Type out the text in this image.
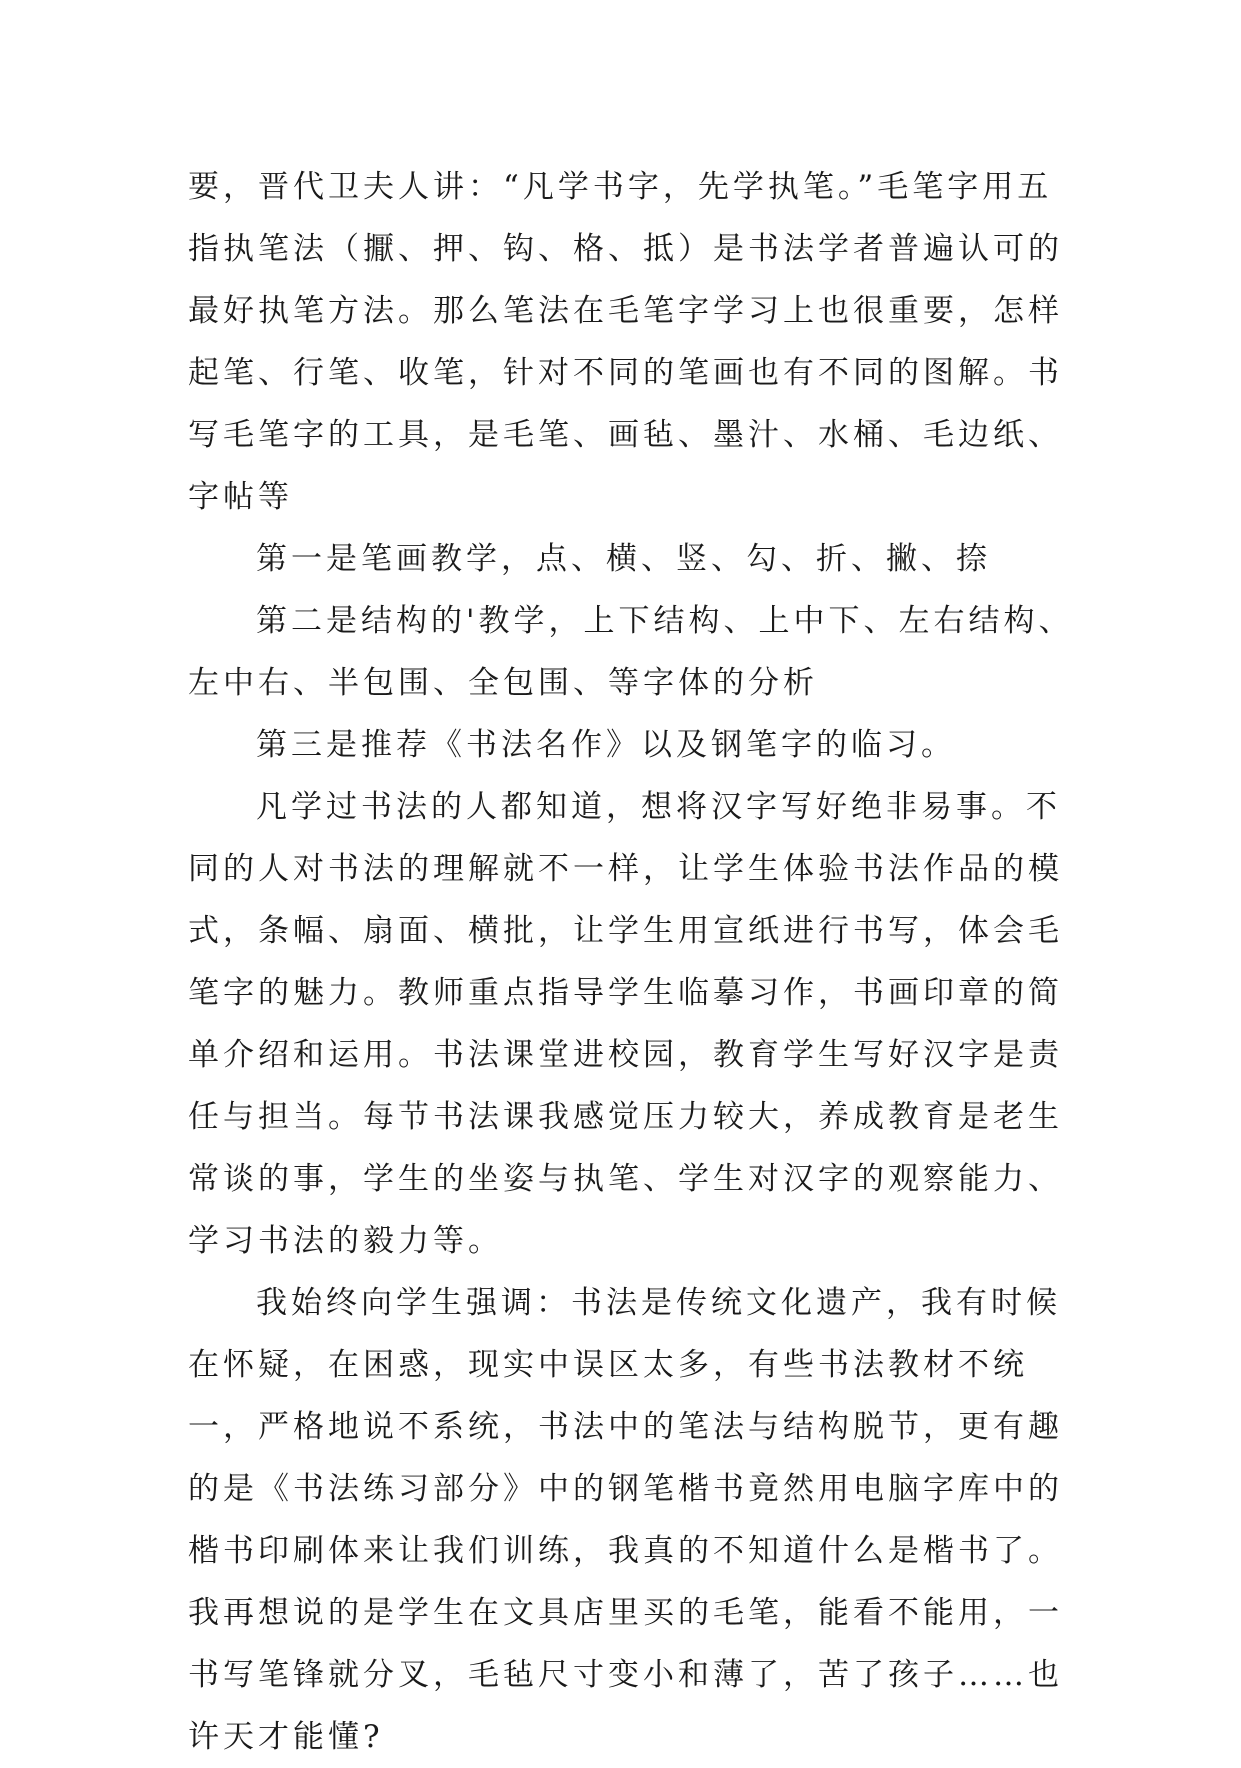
要，晋代卫夫人讲：“凡学书字，先学执笔。”毛笔字用五指执笔法（擫、押、钩、格、抵）是书法学者普遍认可的最好执笔方法。那么笔法在毛笔字学习上也很重要，怎样起笔、行笔、收笔，针对不同的笔画也有不同的图解。书写毛笔字的工具，是毛笔、画毡、墨汁、水桶、毛边纸、字帖等

第一是笔画教学，点、横、竖、勾、折、撇、捺

第二是结构的'教学，上下结构、上中下、左右结构、左中右、半包围、全包围、等字体的分析

第三是推荐《书法名作》以及钢笔字的临习。

凡学过书法的人都知道，想将汉字写好绝非易事。不同的人对书法的理解就不一样，让学生体验书法作品的模式，条幅、扇面、横批，让学生用宣纸进行书写，体会毛笔字的魅力。教师重点指导学生临摹习作，书画印章的简单介绍和运用。书法课堂进校园，教育学生写好汉字是责任与担当。每节书法课我感觉压力较大，养成教育是老生常谈的事，学生的坐姿与执笔、学生对汉字的观察能力、学习书法的毅力等。

我始终向学生强调：书法是传统文化遗产，我有时候在怀疑，在困惑，现实中误区太多，有些书法教材不统一，严格地说不系统，书法中的笔法与结构脱节，更有趣的是《书法练习部分》中的钢笔楷书竟然用电脑字库中的楷书印刷体来让我们训练，我真的不知道什么是楷书了。我再想说的是学生在文具店里买的毛笔，能看不能用，一书写笔锋就分叉，毛毡尺寸变小和薄了，苦了孩子……也许天才能懂?
